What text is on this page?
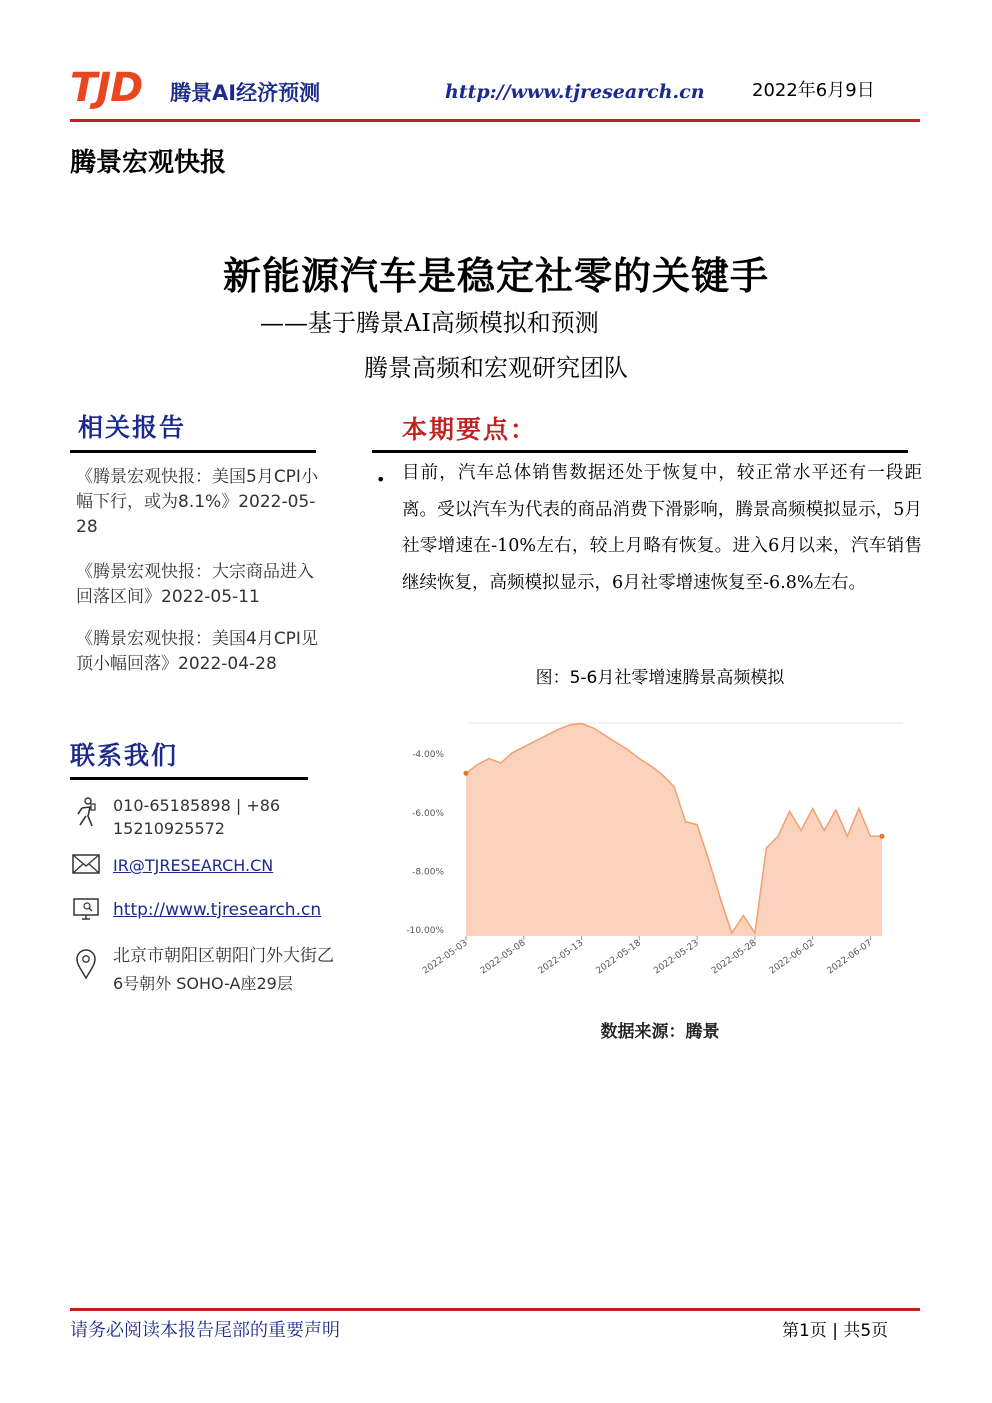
TJD 腾景AI经济预测	http://www.tjresearch.cn	2022年6月9日
腾景宏观快报
新能源汽车是稳定社零的关键手
——基于腾景AI高频模拟和预测
腾景高频和宏观研究团队
相关报告
《腾景宏观快报：美国5月CPI小幅下行，或为8.1%》2022-05-28
《腾景宏观快报：大宗商品进入回落区间》2022-05-11
《腾景宏观快报：美国4月CPI见顶小幅回落》2022-04-28
本期要点：
• 目前，汽车总体销售数据还处于恢复中，较正常水平还有一段距离。受以汽车为代表的商品消费下滑影响，腾景高频模拟显示，5月社零增速在-10%左右，较上月略有恢复。进入6月以来，汽车销售继续恢复，高频模拟显示，6月社零增速恢复至-6.8%左右。
图：5-6月社零增速腾景高频模拟
-4.00%
-6.00%
-8.00%
-10.00%
2022-05-03 2022-05-08 2022-05-13 2022-05-18 2022-05-23 2022-05-28 2022-06-02 2022-06-07
数据来源：腾景
联系我们
010-65185898 | +86
15210925572
IR@TJRESEARCH.CN
http://www.tjresearch.cn
北京市朝阳区朝阳门外大街乙
6号朝外 SOHO-A座29层
请务必阅读本报告尾部的重要声明	第1页 | 共5页
